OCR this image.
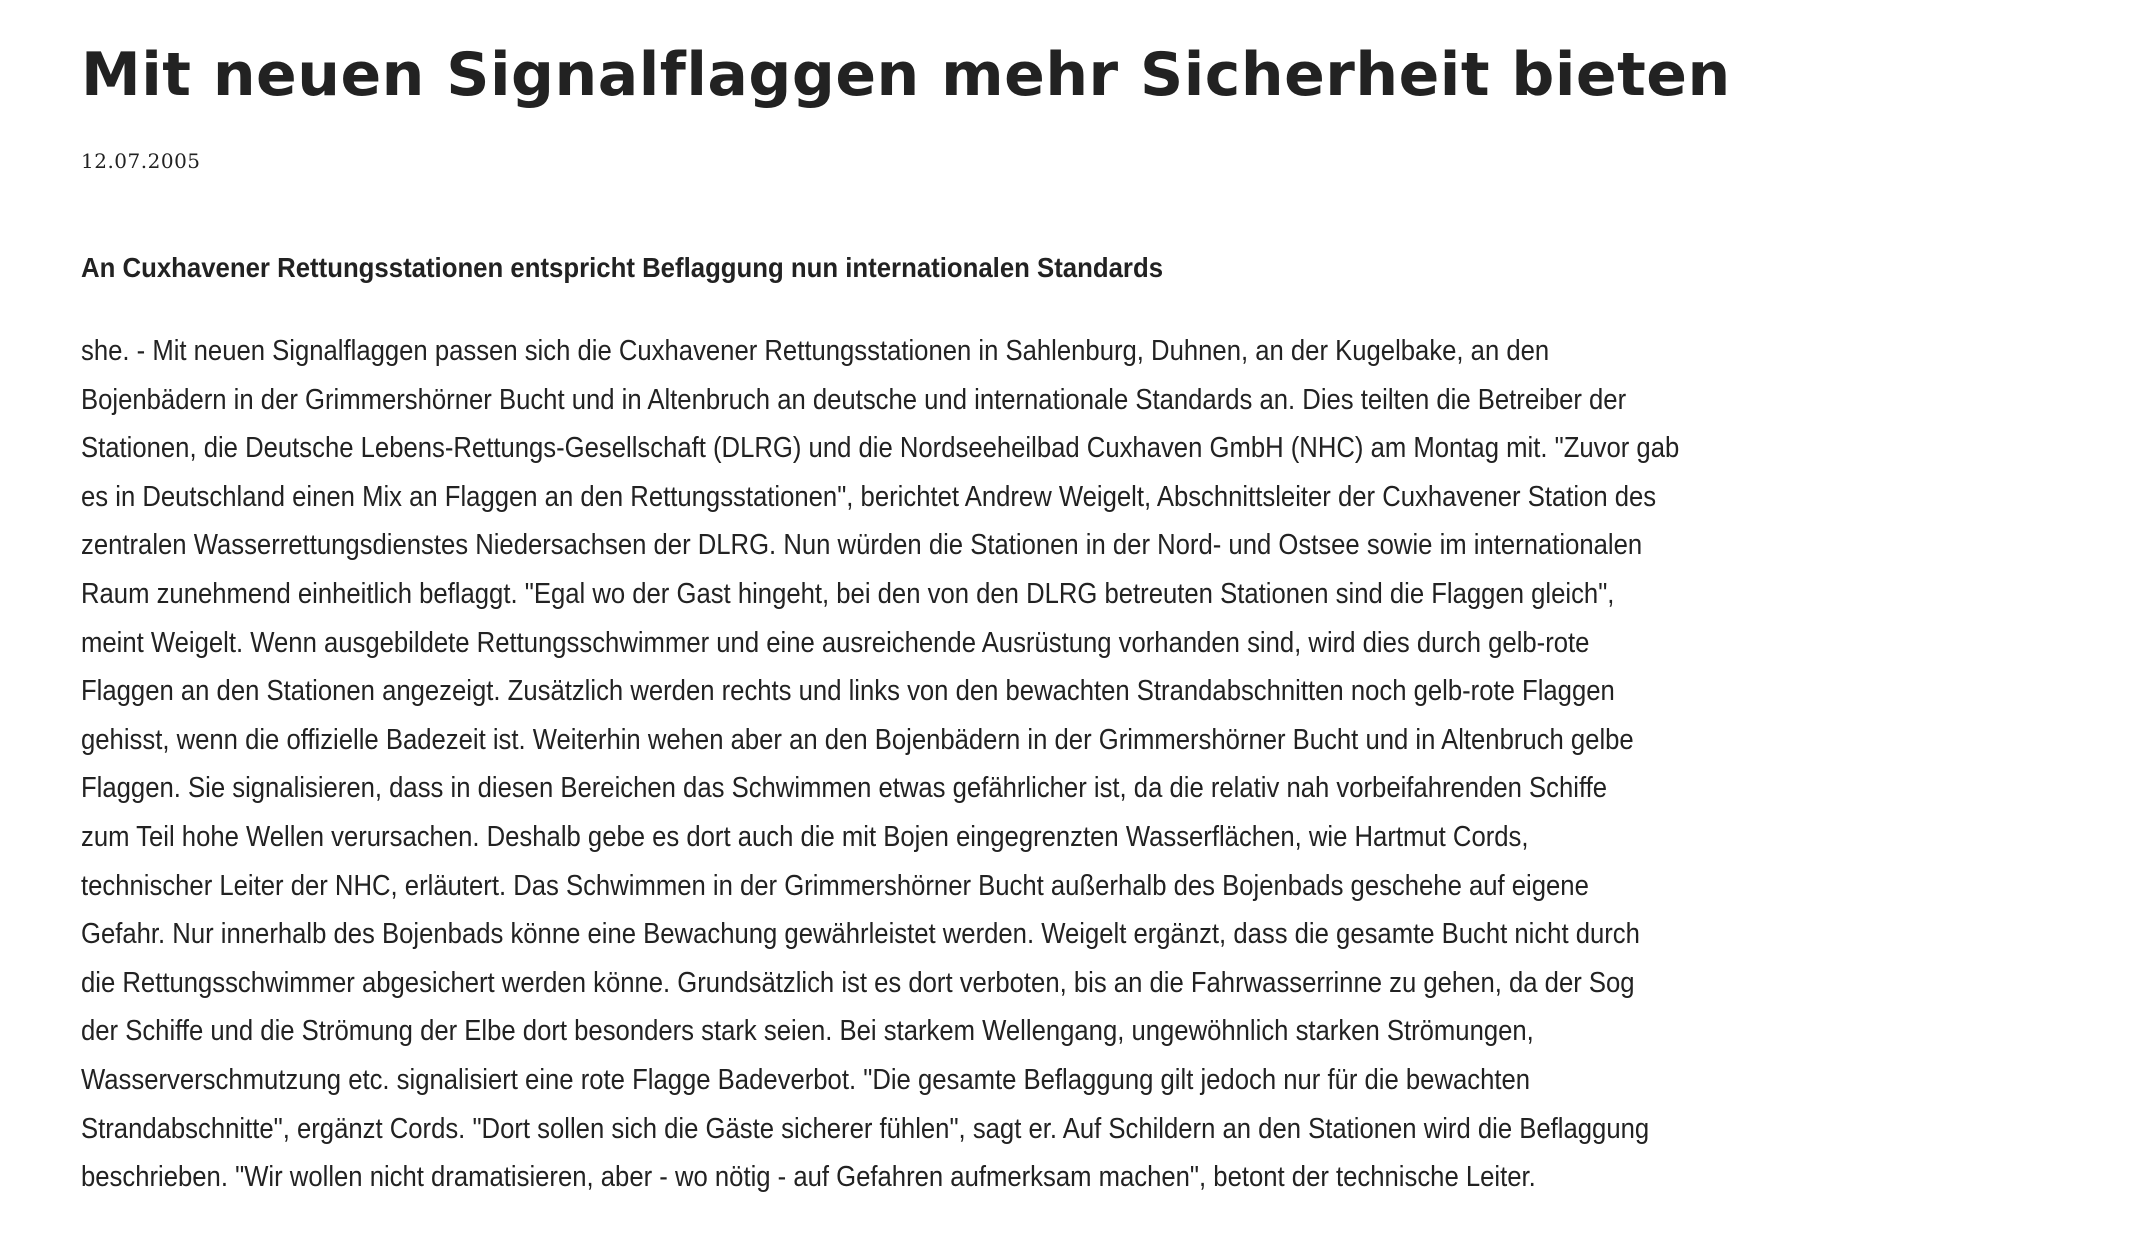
Mit neuen Signalflaggen mehr Sicherheit bieten
12.07.2005
An Cuxhavener Rettungsstationen entspricht Beflaggung nun internationalen Standards

she. - Mit neuen Signalflaggen passen sich die Cuxhavener Rettungsstationen in Sahlenburg, Duhnen, an der Kugelbake, an den
Bojenbädern in der Grimmershörner Bucht und in Altenbruch an deutsche und internationale Standards an. Dies teilten die Betreiber der
Stationen, die Deutsche Lebens-Rettungs-Gesellschaft (DLRG) und die Nordseeheilbad Cuxhaven GmbH (NHC) am Montag mit. "Zuvor gab
es in Deutschland einen Mix an Flaggen an den Rettungsstationen", berichtet Andrew Weigelt, Abschnittsleiter der Cuxhavener Station des
zentralen Wasserrettungsdienstes Niedersachsen der DLRG. Nun würden die Stationen in der Nord- und Ostsee sowie im internationalen
Raum zunehmend einheitlich beflaggt. "Egal wo der Gast hingeht, bei den von den DLRG betreuten Stationen sind die Flaggen gleich",
meint Weigelt. Wenn ausgebildete Rettungsschwimmer und eine ausreichende Ausrüstung vorhanden sind, wird dies durch gelb-rote
Flaggen an den Stationen angezeigt. Zusätzlich werden rechts und links von den bewachten Strandabschnitten noch gelb-rote Flaggen
gehisst, wenn die offizielle Badezeit ist. Weiterhin wehen aber an den Bojenbädern in der Grimmershörner Bucht und in Altenbruch gelbe
Flaggen. Sie signalisieren, dass in diesen Bereichen das Schwimmen etwas gefährlicher ist, da die relativ nah vorbeifahrenden Schiffe
zum Teil hohe Wellen verursachen. Deshalb gebe es dort auch die mit Bojen eingegrenzten Wasserflächen, wie Hartmut Cords,
technischer Leiter der NHC, erläutert. Das Schwimmen in der Grimmershörner Bucht außerhalb des Bojenbads geschehe auf eigene
Gefahr. Nur innerhalb des Bojenbads könne eine Bewachung gewährleistet werden. Weigelt ergänzt, dass die gesamte Bucht nicht durch
die Rettungsschwimmer abgesichert werden könne. Grundsätzlich ist es dort verboten, bis an die Fahrwasserrinne zu gehen, da der Sog
der Schiffe und die Strömung der Elbe dort besonders stark seien. Bei starkem Wellengang, ungewöhnlich starken Strömungen,
Wasserverschmutzung etc. signalisiert eine rote Flagge Badeverbot. "Die gesamte Beflaggung gilt jedoch nur für die bewachten
Strandabschnitte", ergänzt Cords. "Dort sollen sich die Gäste sicherer fühlen", sagt er. Auf Schildern an den Stationen wird die Beflaggung
beschrieben. "Wir wollen nicht dramatisieren, aber - wo nötig - auf Gefahren aufmerksam machen", betont der technische Leiter.
